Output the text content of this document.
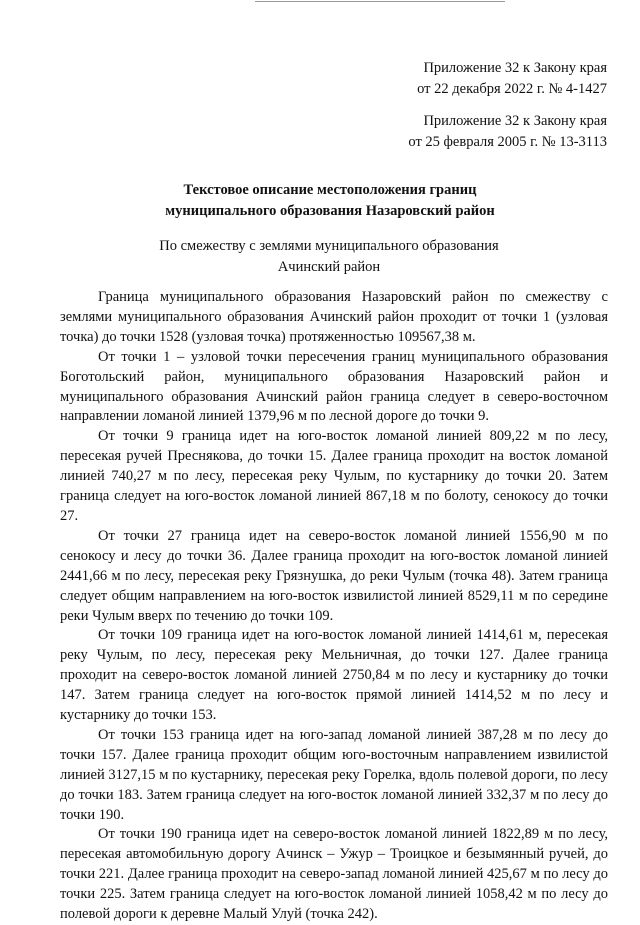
Приложение 32 к Закону края
от 22 декабря 2022 г. № 4-1427
Приложение 32 к Закону края
от 25 февраля 2005 г. № 13-3113
Текстовое описание местоположения границ
муниципального образования Назаровский район
По смежеству с землями муниципального образования
Ачинский район

Граница муниципального образования Назаровский район по смежеству с землями муниципального образования Ачинский район проходит от точки 1 (узловая точка) до точки 1528 (узловая точка) протяженностью 109567,38 м.

От точки 1 – узловой точки пересечения границ муниципального образования Боготольский район, муниципального образования Назаровский район и муниципального образования Ачинский район граница следует в северо-восточном направлении ломаной линией 1379,96 м по лесной дороге до точки 9.

От точки 9 граница идет на юго-восток ломаной линией 809,22 м по лесу, пересекая ручей Преснякова, до точки 15. Далее граница проходит на восток ломаной линией 740,27 м по лесу, пересекая реку Чулым, по кустарнику до точки 20. Затем граница следует на юго-восток ломаной линией 867,18 м по болоту, сенокосу до точки 27.

От точки 27 граница идет на северо-восток ломаной линией 1556,90 м по сенокосу и лесу до точки 36. Далее граница проходит на юго-восток ломаной линией 2441,66 м по лесу, пересекая реку Грязнушка, до реки Чулым (точка 48). Затем граница следует общим направлением на юго-восток извилистой линией 8529,11 м по середине реки Чулым вверх по течению до точки 109.

От точки 109 граница идет на юго-восток ломаной линией 1414,61 м, пересекая реку Чулым, по лесу, пересекая реку Мельничная, до точки 127. Далее граница проходит на северо-восток ломаной линией 2750,84 м по лесу и кустарнику до точки 147. Затем граница следует на юго-восток прямой линией 1414,52 м по лесу и кустарнику до точки 153.

От точки 153 граница идет на юго-запад ломаной линией 387,28 м по лесу до точки 157. Далее граница проходит общим юго-восточным направлением извилистой линией 3127,15 м по кустарнику, пересекая реку Горелка, вдоль полевой дороги, по лесу до точки 183. Затем граница следует на юго-восток ломаной линией 332,37 м по лесу до точки 190.

От точки 190 граница идет на северо-восток ломаной линией 1822,89 м по лесу, пересекая автомобильную дорогу Ачинск – Ужур – Троицкое и безымянный ручей, до точки 221. Далее граница проходит на северо-запад ломаной линией 425,67 м по лесу до точки 225. Затем граница следует на юго-восток ломаной линией 1058,42 м по лесу до полевой дороги к деревне Малый Улуй (точка 242).
